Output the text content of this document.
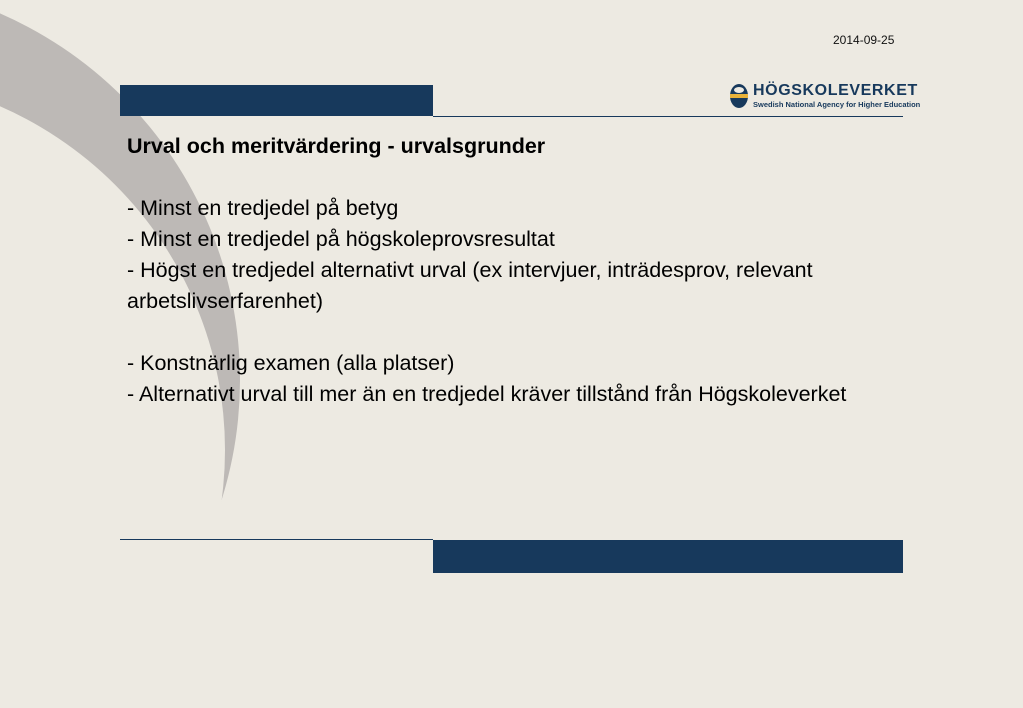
2014-09-25
HÖGSKOLEVERKET
Swedish National Agency for Higher Education

Urval och meritvärdering - urvalsgrunder

- Minst en tredjedel på betyg

- Minst en tredjedel på högskoleprovsresultat

- Högst en tredjedel alternativt urval (ex intervjuer, inträdesprov, relevant arbetslivserfarenhet)

- Konstnärlig examen (alla platser)

- Alternativt urval till mer än en tredjedel kräver tillstånd från Högskoleverket
